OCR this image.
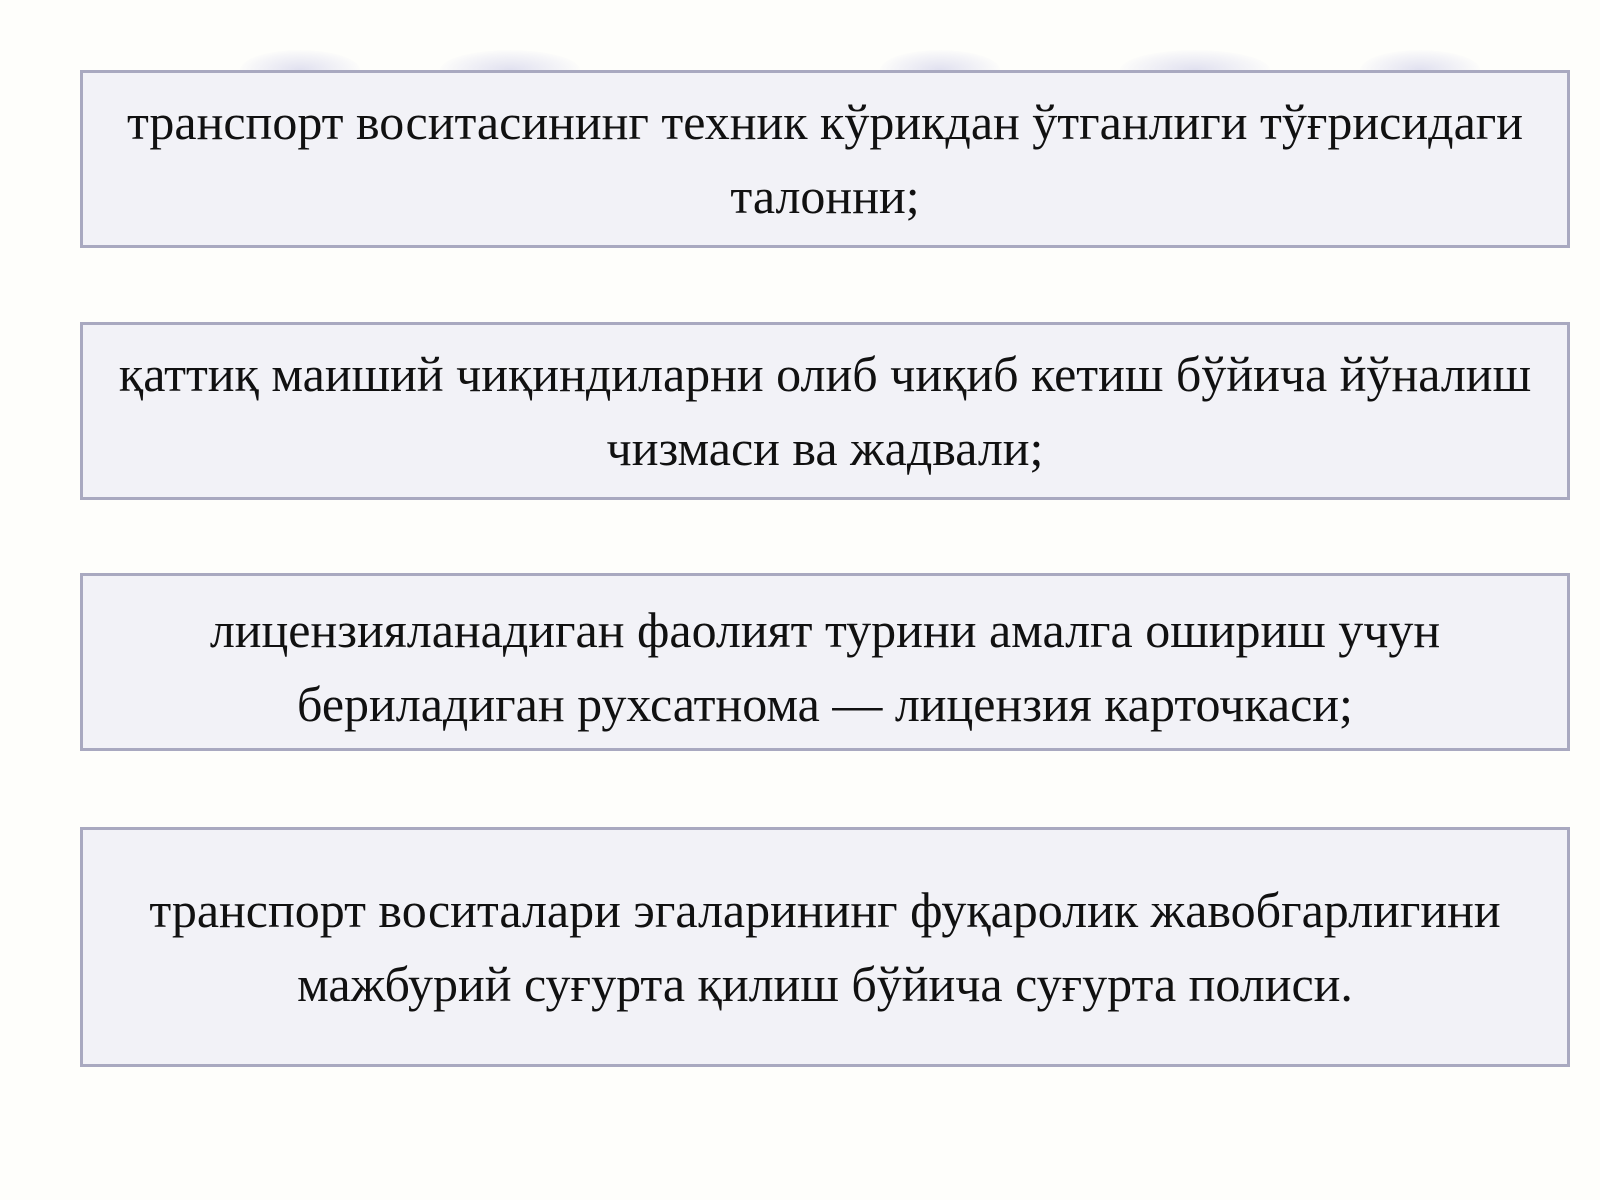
транспорт воситасининг техник кўрикдан ўтганлиги тўғрисидаги талонни;
қаттиқ маиший чиқиндиларни олиб чиқиб кетиш бўйича йўналиш чизмаси ва жадвали;
лицензияланадиган фаолият турини амалга ошириш учун бериладиган рухсатнома — лицензия карточкаси;
транспорт воситалари эгаларининг фуқаролик жавобгарлигини мажбурий суғурта қилиш бўйича суғурта полиси.
